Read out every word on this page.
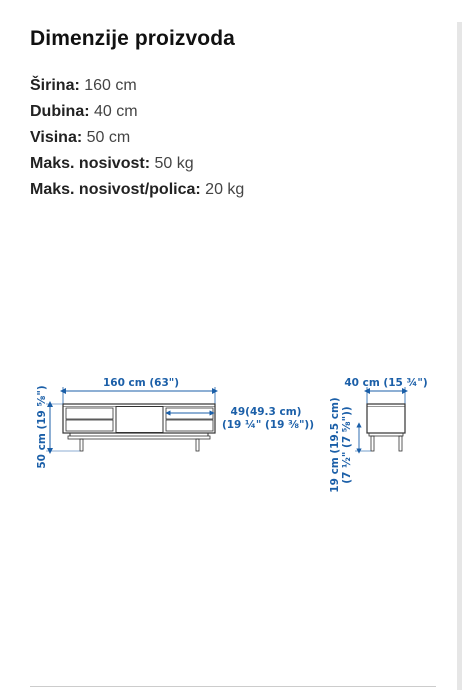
Dimenzije proizvoda
Širina: 160 cm
Dubina: 40 cm
Visina: 50 cm
Maks. nosivost: 50 kg
Maks. nosivost/polica: 20 kg
160 cm (63")
50 cm (19 ⅝")	49(49.3 cm)
(19 ¼" (19 ⅜"))
40 cm (15 ¾")
19 cm (19.5 cm) (7 ½" (7 ⅝"))
